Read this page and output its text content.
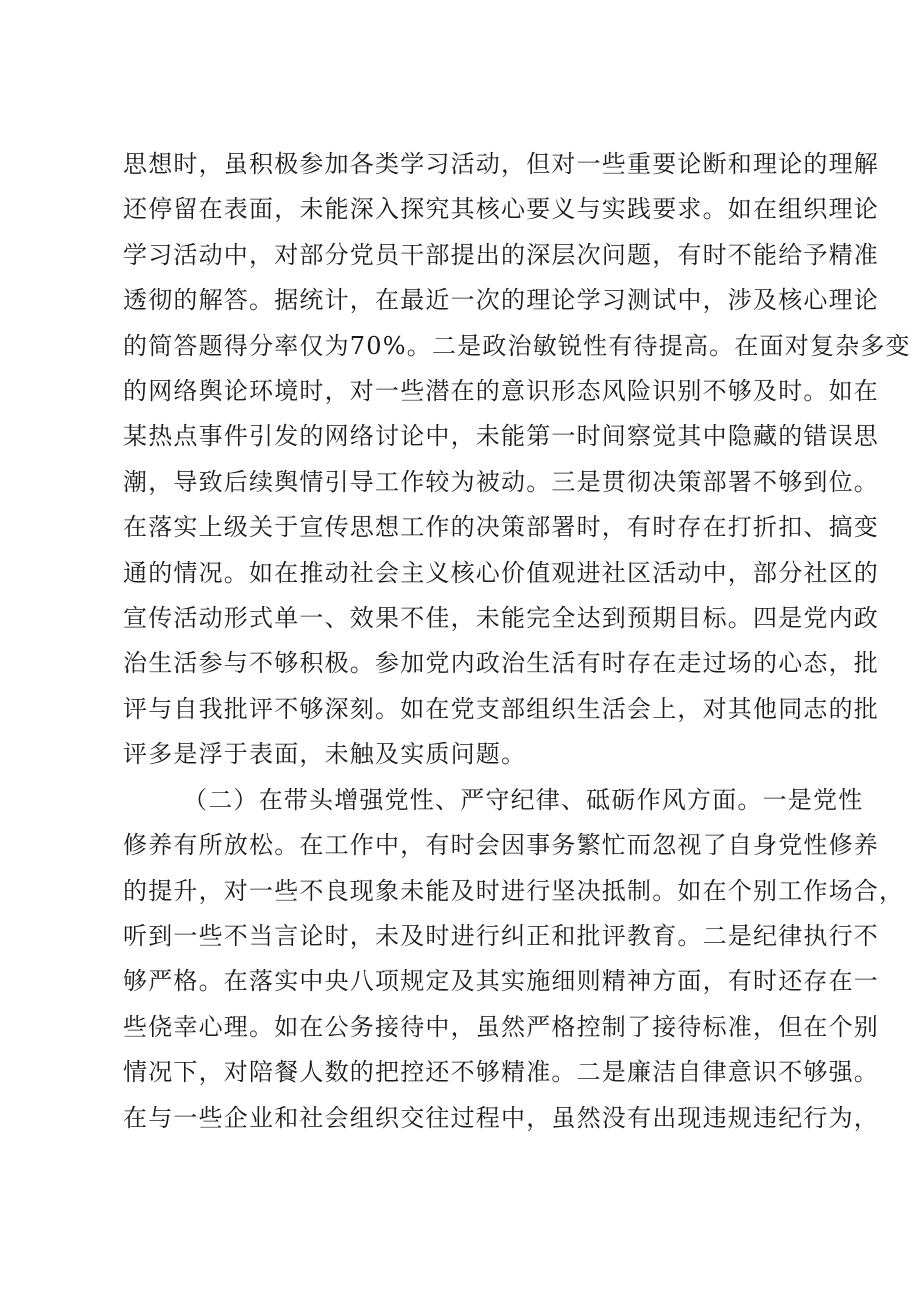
思想时，虽积极参加各类学习活动，但对一些重要论断和理论的理解
还停留在表面，未能深入探究其核心要义与实践要求。如在组织理论
学习活动中，对部分党员干部提出的深层次问题，有时不能给予精准
透彻的解答。据统计，在最近一次的理论学习测试中，涉及核心理论
的简答题得分率仅为70%。二是政治敏锐性有待提高。在面对复杂多变
的网络舆论环境时，对一些潜在的意识形态风险识别不够及时。如在
某热点事件引发的网络讨论中，未能第一时间察觉其中隐藏的错误思
潮，导致后续舆情引导工作较为被动。三是贯彻决策部署不够到位。
在落实上级关于宣传思想工作的决策部署时，有时存在打折扣、搞变
通的情况。如在推动社会主义核心价值观进社区活动中，部分社区的
宣传活动形式单一、效果不佳，未能完全达到预期目标。四是党内政
治生活参与不够积极。参加党内政治生活有时存在走过场的心态，批
评与自我批评不够深刻。如在党支部组织生活会上，对其他同志的批
评多是浮于表面，未触及实质问题。
（二）在带头增强党性、严守纪律、砥砺作风方面。一是党性
修养有所放松。在工作中，有时会因事务繁忙而忽视了自身党性修养
的提升，对一些不良现象未能及时进行坚决抵制。如在个别工作场合，
听到一些不当言论时，未及时进行纠正和批评教育。二是纪律执行不
够严格。在落实中央八项规定及其实施细则精神方面，有时还存在一
些侥幸心理。如在公务接待中，虽然严格控制了接待标准，但在个别
情况下，对陪餐人数的把控还不够精准。二是廉洁自律意识不够强。
在与一些企业和社会组织交往过程中，虽然没有出现违规违纪行为，
